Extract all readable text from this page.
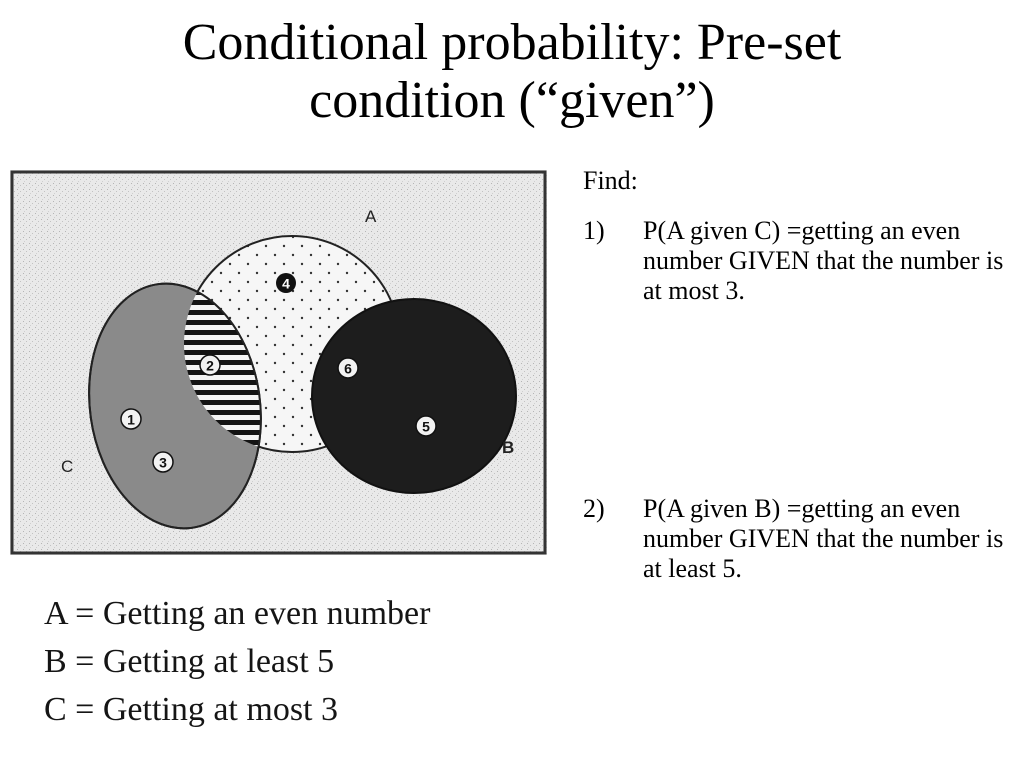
Conditional probability: Pre-set
condition (“given”)
A
B
C
4
2	6
5
1
3
A = Getting an even number
B = Getting at least 5
C = Getting at most 3
Find:
1) P(A given C) =getting an even number GIVEN that the number is at most 3.
2) P(A given B) =getting an even number GIVEN that the number is at least 5.
